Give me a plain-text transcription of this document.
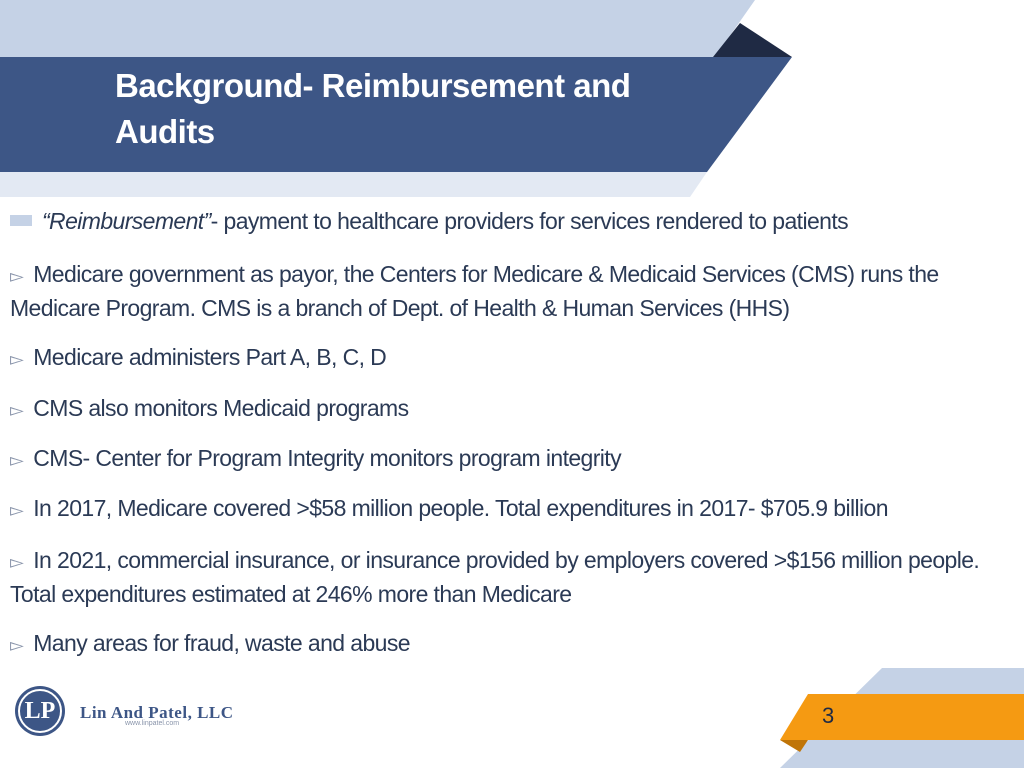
Background- Reimbursement and Audits

“Reimbursement”- payment to healthcare providers for services rendered to patients

▻ Medicare government as payor, the Centers for Medicare & Medicaid Services (CMS) runs the Medicare Program. CMS is a branch of Dept. of Health & Human Services (HHS)

▻ Medicare administers Part A, B, C, D

▻ CMS also monitors Medicaid programs

▻ CMS- Center for Program Integrity monitors program integrity

▻ In 2017, Medicare covered >$58 million people. Total expenditures in 2017- $705.9 billion

▻ In 2021, commercial insurance, or insurance provided by employers covered >$156 million people. Total expenditures estimated at 246% more than Medicare

▻ Many areas for fraud, waste and abuse

LP Lin And Patel, LLC
www.linpatel.com	3
